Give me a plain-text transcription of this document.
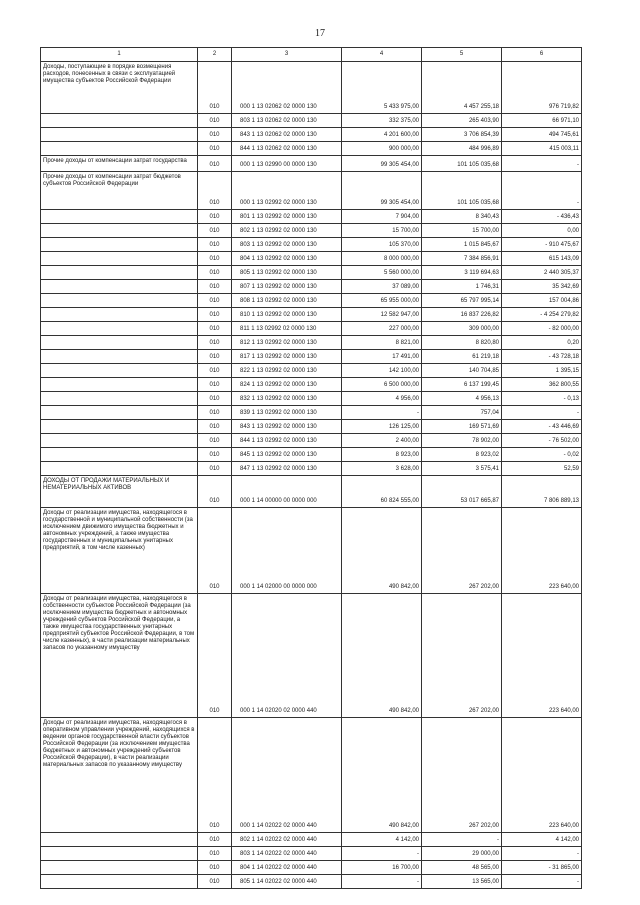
17
1	2	3	4	5	6
Доходы, поступающие в порядке возмещения расходов, понесенных в связи с эксплуатацией имущества субъектов Российской Федерации	010	000 1 13 02062 02 0000 130	5 433 975,00	4 457 255,18	976 719,82
	010	803 1 13 02062 02 0000 130	332 375,00	265 403,90	66 971,10
	010	843 1 13 02062 02 0000 130	4 201 600,00	3 706 854,39	494 745,61
	010	844 1 13 02062 02 0000 130	900 000,00	484 996,89	415 003,11
Прочие доходы от компенсации затрат государства	010	000 1 13 02990 00 0000 130	99 305 454,00	101 105 035,68	-
Прочие доходы от компенсации затрат бюджетов субъектов Российской Федерации	010	000 1 13 02992 02 0000 130	99 305 454,00	101 105 035,68	-
	010	801 1 13 02992 02 0000 130	7 904,00	8 340,43	- 436,43
	010	802 1 13 02992 02 0000 130	15 700,00	15 700,00	0,00
	010	803 1 13 02992 02 0000 130	105 370,00	1 015 845,67	- 910 475,67
	010	804 1 13 02992 02 0000 130	8 000 000,00	7 384 856,91	615 143,09
	010	805 1 13 02992 02 0000 130	5 560 000,00	3 119 694,63	2 440 305,37
	010	807 1 13 02992 02 0000 130	37 089,00	1 746,31	35 342,69
	010	808 1 13 02992 02 0000 130	65 955 000,00	65 797 995,14	157 004,86
	010	810 1 13 02992 02 0000 130	12 582 947,00	16 837 226,82	- 4 254 279,82
	010	811 1 13 02992 02 0000 130	227 000,00	309 000,00	- 82 000,00
	010	812 1 13 02992 02 0000 130	8 821,00	8 820,80	0,20
	010	817 1 13 02992 02 0000 130	17 491,00	61 219,18	- 43 728,18
	010	822 1 13 02992 02 0000 130	142 100,00	140 704,85	1 395,15
	010	824 1 13 02992 02 0000 130	6 500 000,00	6 137 199,45	362 800,55
	010	832 1 13 02992 02 0000 130	4 956,00	4 956,13	- 0,13
	010	839 1 13 02992 02 0000 130	-	757,04	-
	010	843 1 13 02992 02 0000 130	126 125,00	169 571,69	- 43 446,69
	010	844 1 13 02992 02 0000 130	2 400,00	78 902,00	- 76 502,00
	010	845 1 13 02992 02 0000 130	8 923,00	8 923,02	- 0,02
	010	847 1 13 02992 02 0000 130	3 628,00	3 575,41	52,59
ДОХОДЫ ОТ ПРОДАЖИ МАТЕРИАЛЬНЫХ И НЕМАТЕРИАЛЬНЫХ АКТИВОВ	010	000 1 14 00000 00 0000 000	60 824 555,00	53 017 665,87	7 806 889,13
Доходы от реализации имущества, находящегося в государственной и муниципальной собственности (за исключением движимого имущества бюджетных и автономных учреждений, а также имущества государственных и муниципальных унитарных предприятий, в том числе казенных)	010	000 1 14 02000 00 0000 000	490 842,00	267 202,00	223 640,00
Доходы от реализации имущества, находящегося в собственности субъектов Российской Федерации (за исключением имущества бюджетных и автономных учреждений субъектов Российской Федерации, а также имущества государственных унитарных предприятий субъектов Российской Федерации, в том числе казенных), в части реализации материальных запасов по указанному имуществу	010	000 1 14 02020 02 0000 440	490 842,00	267 202,00	223 640,00
Доходы от реализации имущества, находящегося в оперативном управлении учреждений, находящихся в ведении органов государственной власти субъектов Российской Федерации (за исключением имущества бюджетных и автономных учреждений субъектов Российской Федерации), в части реализации материальных запасов по указанному имуществу	010	000 1 14 02022 02 0000 440	490 842,00	267 202,00	223 640,00
	010	802 1 14 02022 02 0000 440	4 142,00	-	4 142,00
	010	803 1 14 02022 02 0000 440	-	29 000,00	-
	010	804 1 14 02022 02 0000 440	16 700,00	48 565,00	- 31 865,00
	010	805 1 14 02022 02 0000 440	-	13 565,00	-
